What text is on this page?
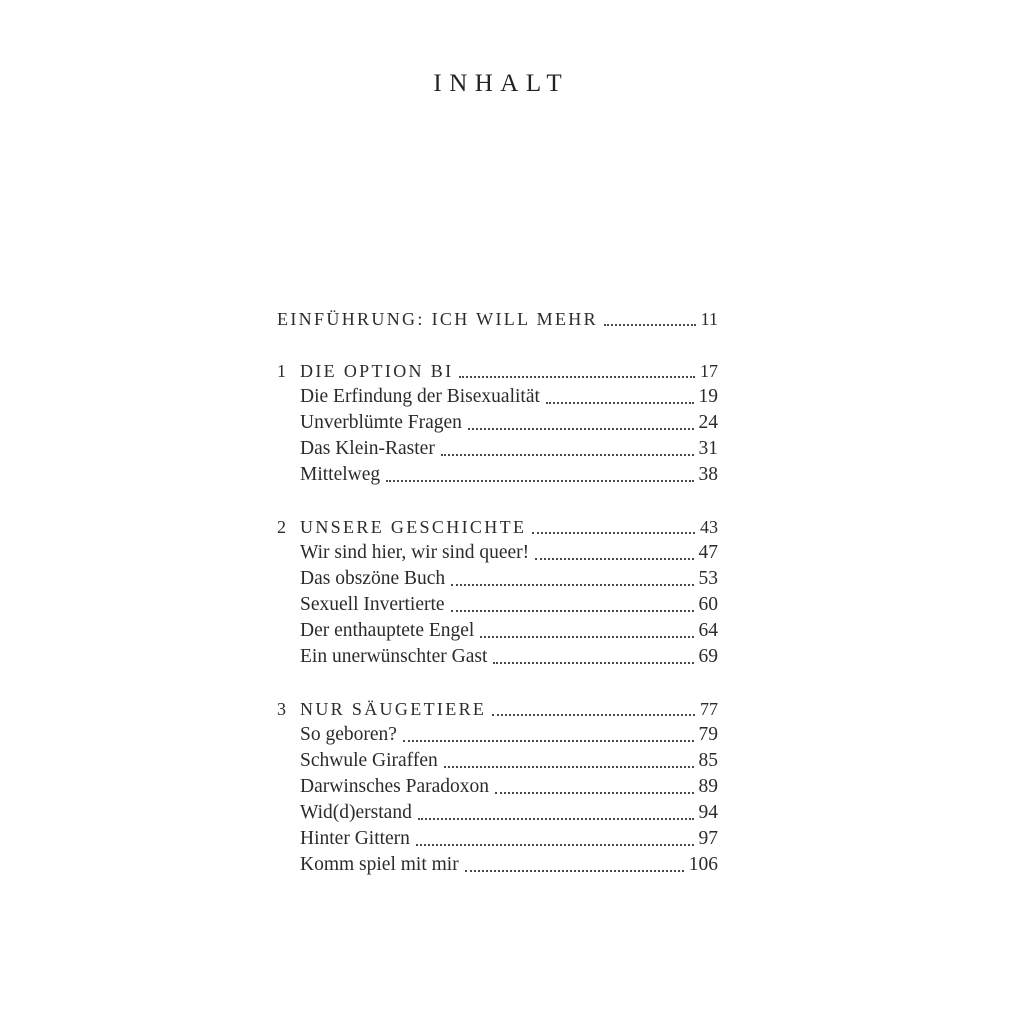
INHALT
EINFÜHRUNG: ICH WILL MEHR	11
1 DIE OPTION BI	17
Die Erfindung der Bisexualität	19
Unverblümte Fragen	24
Das Klein-Raster	31
Mittelweg	38
2 UNSERE GESCHICHTE	43
Wir sind hier, wir sind queer!	47
Das obszöne Buch	53
Sexuell Invertierte	60
Der enthauptete Engel	64
Ein unerwünschter Gast	69
3 NUR SÄUGETIERE	77
So geboren?	79
Schwule Giraffen	85
Darwinsches Paradoxon	89
Wid(d)erstand	94
Hinter Gittern	97
Komm spiel mit mir	106
